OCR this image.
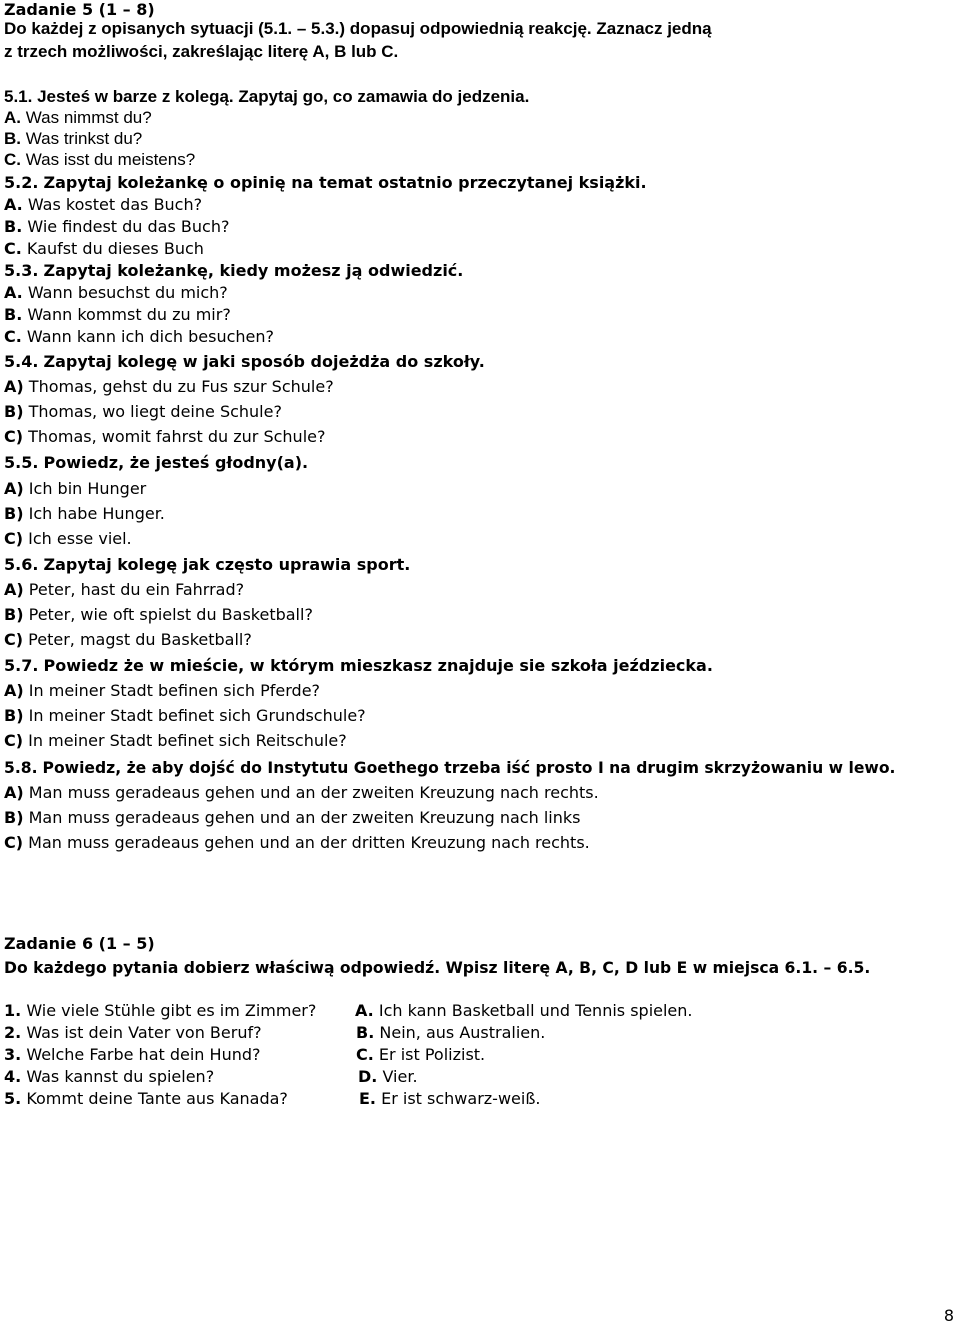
Zadanie 5 (1 – 8)
Do każdej z opisanych sytuacji (5.1. – 5.3.) dopasuj odpowiednią reakcję. Zaznacz jedną
z trzech możliwości, zakreślając literę A, B lub C.
5.1. Jesteś w barze z kolegą. Zapytaj go, co zamawia do jedzenia.
A. Was nimmst du?
B. Was trinkst du?
C. Was isst du meistens?
5.2. Zapytaj koleżankę o opinię na temat ostatnio przeczytanej książki.
A. Was kostet das Buch?
B. Wie findest du das Buch?
C. Kaufst du dieses Buch
5.3. Zapytaj koleżankę, kiedy możesz ją odwiedzić.
A. Wann besuchst du mich?
B. Wann kommst du zu mir?
C. Wann kann ich dich besuchen?
5.4. Zapytaj kolegę w jaki sposób dojeżdża do szkoły.
A) Thomas, gehst du zu Fus szur Schule?
B) Thomas, wo liegt deine Schule?
C) Thomas, womit fahrst du zur Schule?
5.5. Powiedz, że jesteś głodny(a).
A) Ich bin Hunger
B) Ich habe Hunger.
C) Ich esse viel.
5.6. Zapytaj kolegę jak często uprawia sport.
A) Peter, hast du ein Fahrrad?
B) Peter, wie oft spielst du Basketball?
C) Peter, magst du Basketball?
5.7. Powiedz że w mieście, w którym mieszkasz znajduje sie szkoła jeździecka.
A) In meiner Stadt befinen sich Pferde?
B) In meiner Stadt befinet sich Grundschule?
C) In meiner Stadt befinet sich Reitschule?
5.8. Powiedz, że aby dojść do Instytutu Goethego trzeba iść prosto I na drugim skrzyżowaniu w lewo.
A) Man muss geradeaus gehen und an der zweiten Kreuzung nach rechts.
B) Man muss geradeaus gehen und an der zweiten Kreuzung nach links
C) Man muss geradeaus gehen und an der dritten Kreuzung nach rechts.
Zadanie 6 (1 – 5)
Do każdego pytania dobierz właściwą odpowiedź. Wpisz literę A, B, C, D lub E w miejsca 6.1. – 6.5.
1. Wie viele Stühle gibt es im Zimmer?
2. Was ist dein Vater von Beruf?
3. Welche Farbe hat dein Hund?
4. Was kannst du spielen?
5. Kommt deine Tante aus Kanada?
A. Ich kann Basketball und Tennis spielen.
B. Nein, aus Australien.
C. Er ist Polizist.
D. Vier.
E. Er ist schwarz-weiß.
8
